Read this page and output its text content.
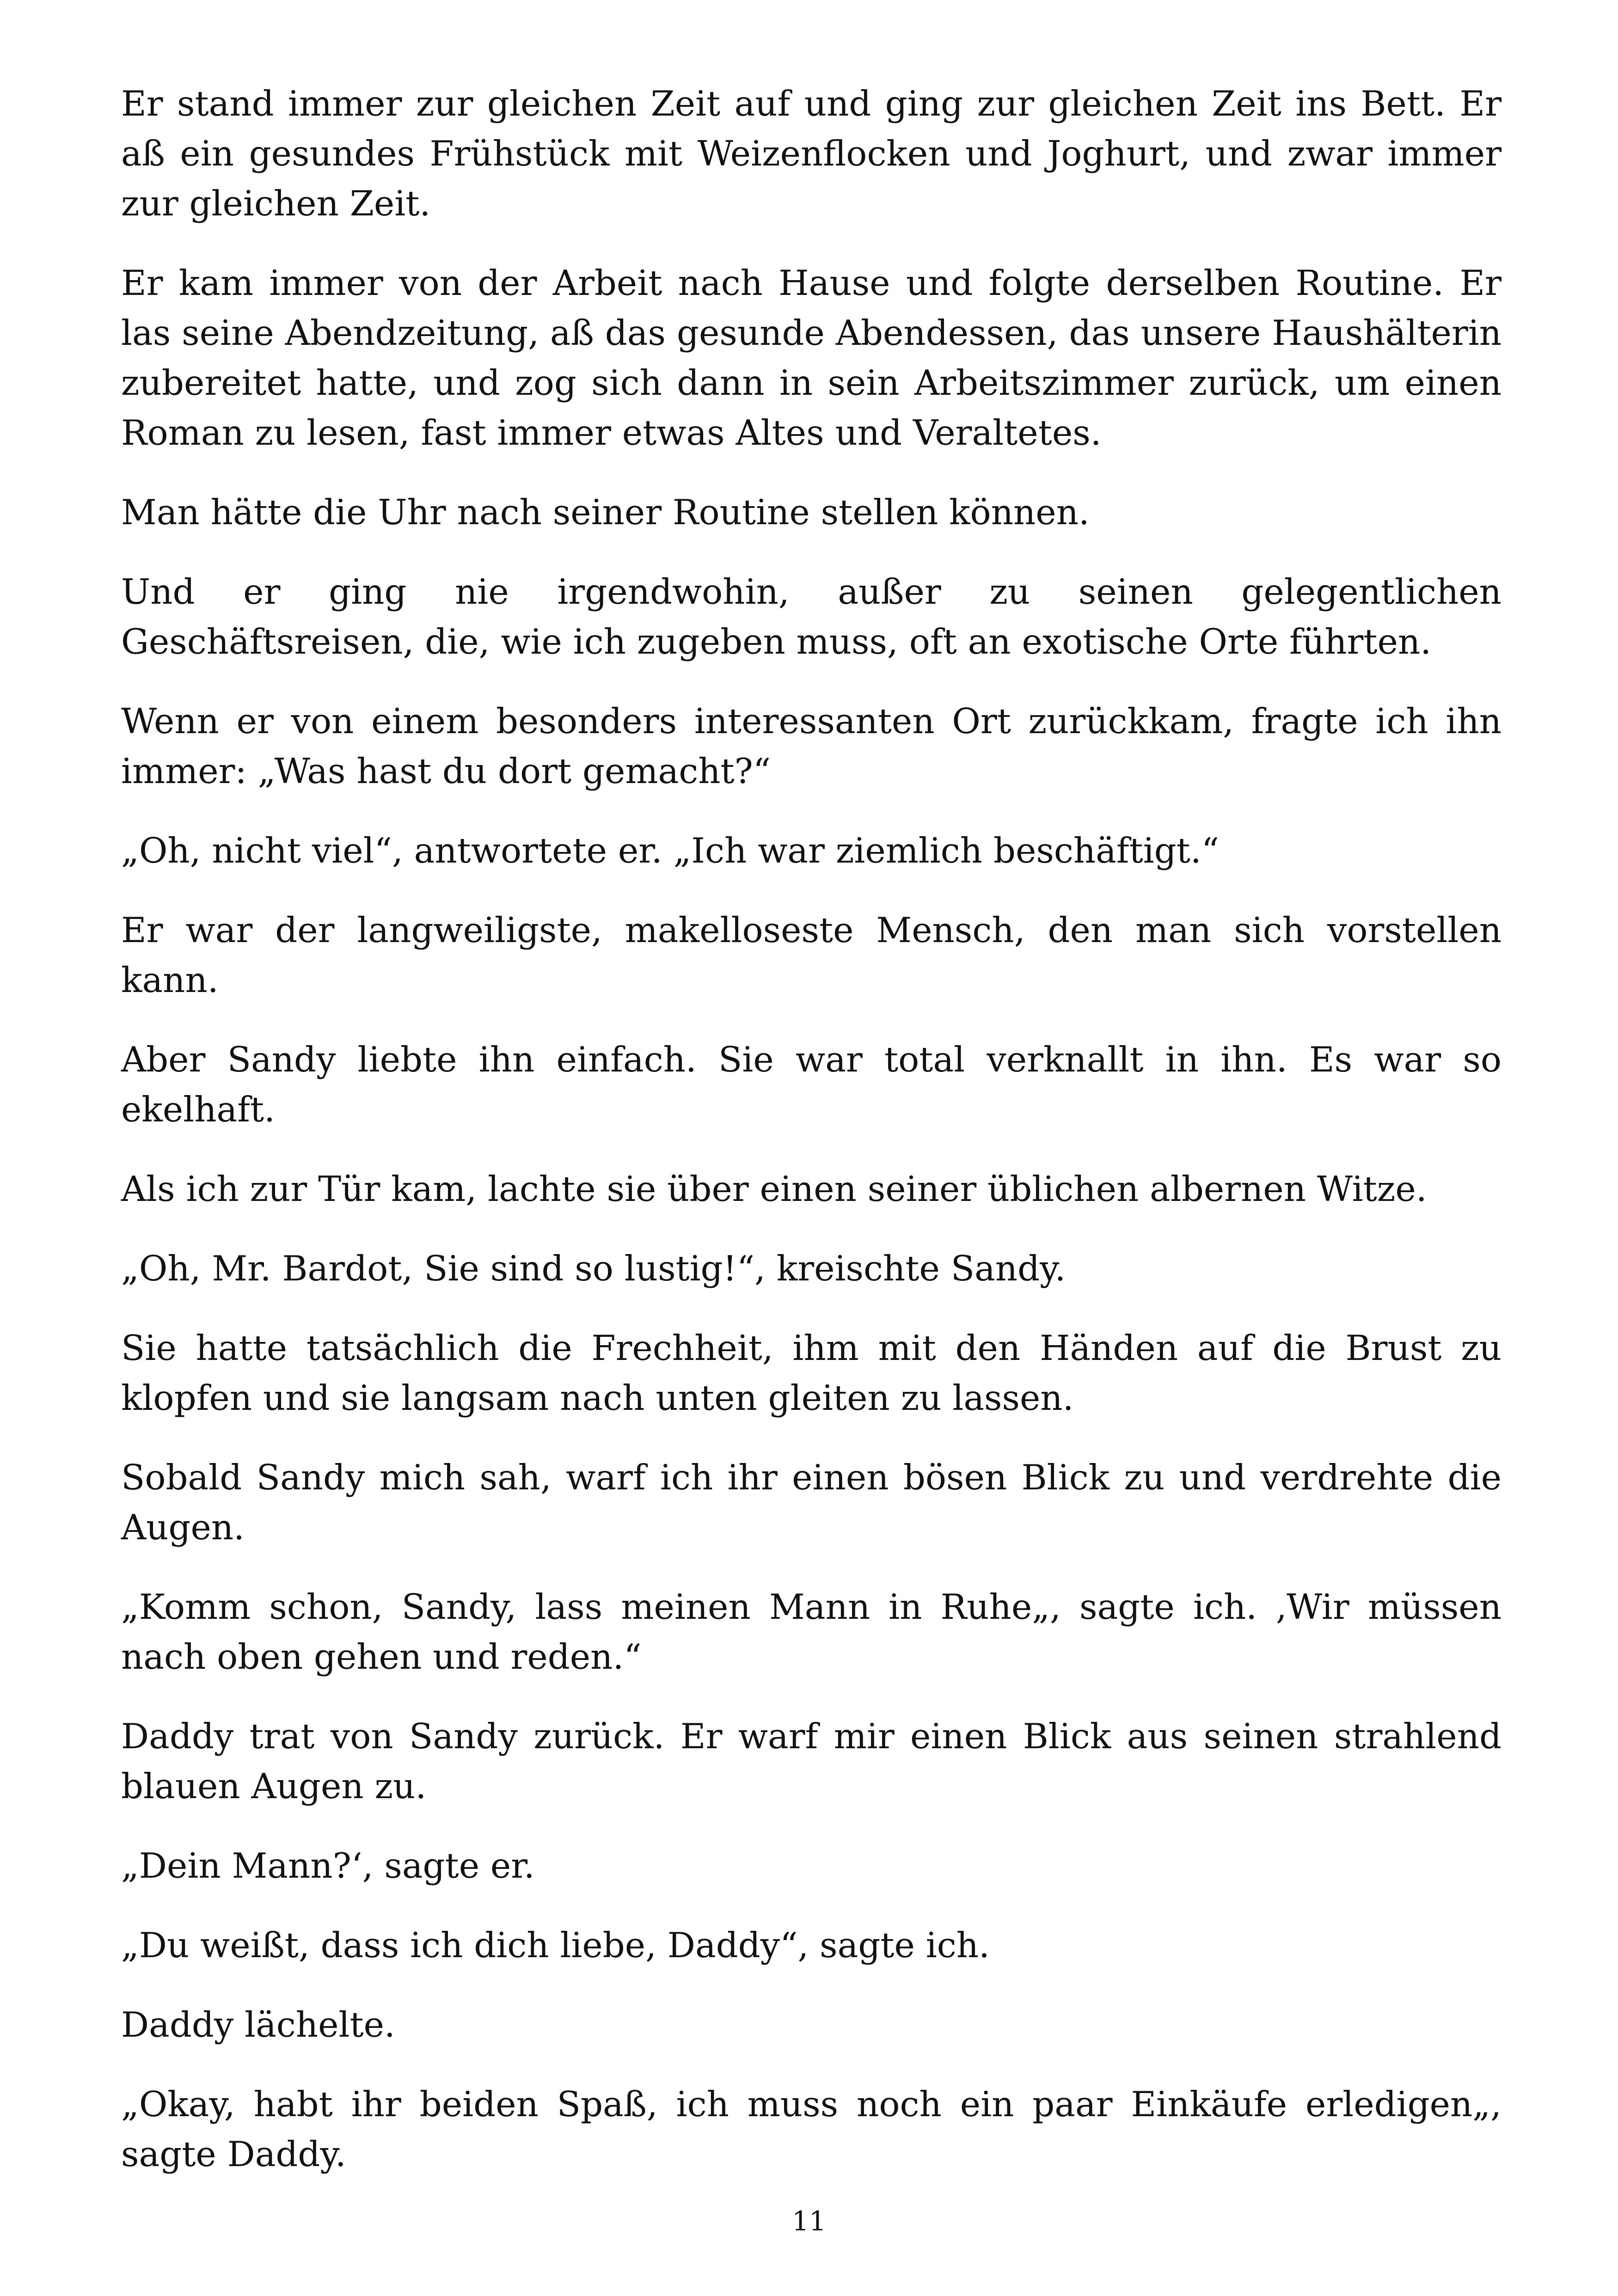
Er stand immer zur gleichen Zeit auf und ging zur gleichen Zeit ins Bett. Er aß ein gesundes Frühstück mit Weizenflocken und Joghurt, und zwar immer zur gleichen Zeit.

Er kam immer von der Arbeit nach Hause und folgte derselben Routine. Er las seine Abendzeitung, aß das gesunde Abendessen, das unsere Haushälterin zubereitet hatte, und zog sich dann in sein Arbeitszimmer zurück, um einen Roman zu lesen, fast immer etwas Altes und Veraltetes.

Man hätte die Uhr nach seiner Routine stellen können.

Und er ging nie irgendwohin, außer zu seinen gelegentlichen Geschäftsreisen, die, wie ich zugeben muss, oft an exotische Orte führten.

Wenn er von einem besonders interessanten Ort zurückkam, fragte ich ihn immer: „Was hast du dort gemacht?“

„Oh, nicht viel“, antwortete er. „Ich war ziemlich beschäftigt.“

Er war der langweiligste, makelloseste Mensch, den man sich vorstellen kann.

Aber Sandy liebte ihn einfach. Sie war total verknallt in ihn. Es war so ekelhaft.

Als ich zur Tür kam, lachte sie über einen seiner üblichen albernen Witze.

„Oh, Mr. Bardot, Sie sind so lustig!“, kreischte Sandy.

Sie hatte tatsächlich die Frechheit, ihm mit den Händen auf die Brust zu klopfen und sie langsam nach unten gleiten zu lassen.

Sobald Sandy mich sah, warf ich ihr einen bösen Blick zu und verdrehte die Augen.

„Komm schon, Sandy, lass meinen Mann in Ruhe„, sagte ich. ‚Wir müssen nach oben gehen und reden.“

Daddy trat von Sandy zurück. Er warf mir einen Blick aus seinen strahlend blauen Augen zu.

„Dein Mann?‘, sagte er.

„Du weißt, dass ich dich liebe, Daddy“, sagte ich.

Daddy lächelte.

„Okay, habt ihr beiden Spaß, ich muss noch ein paar Einkäufe erledigen„, sagte Daddy.

11
